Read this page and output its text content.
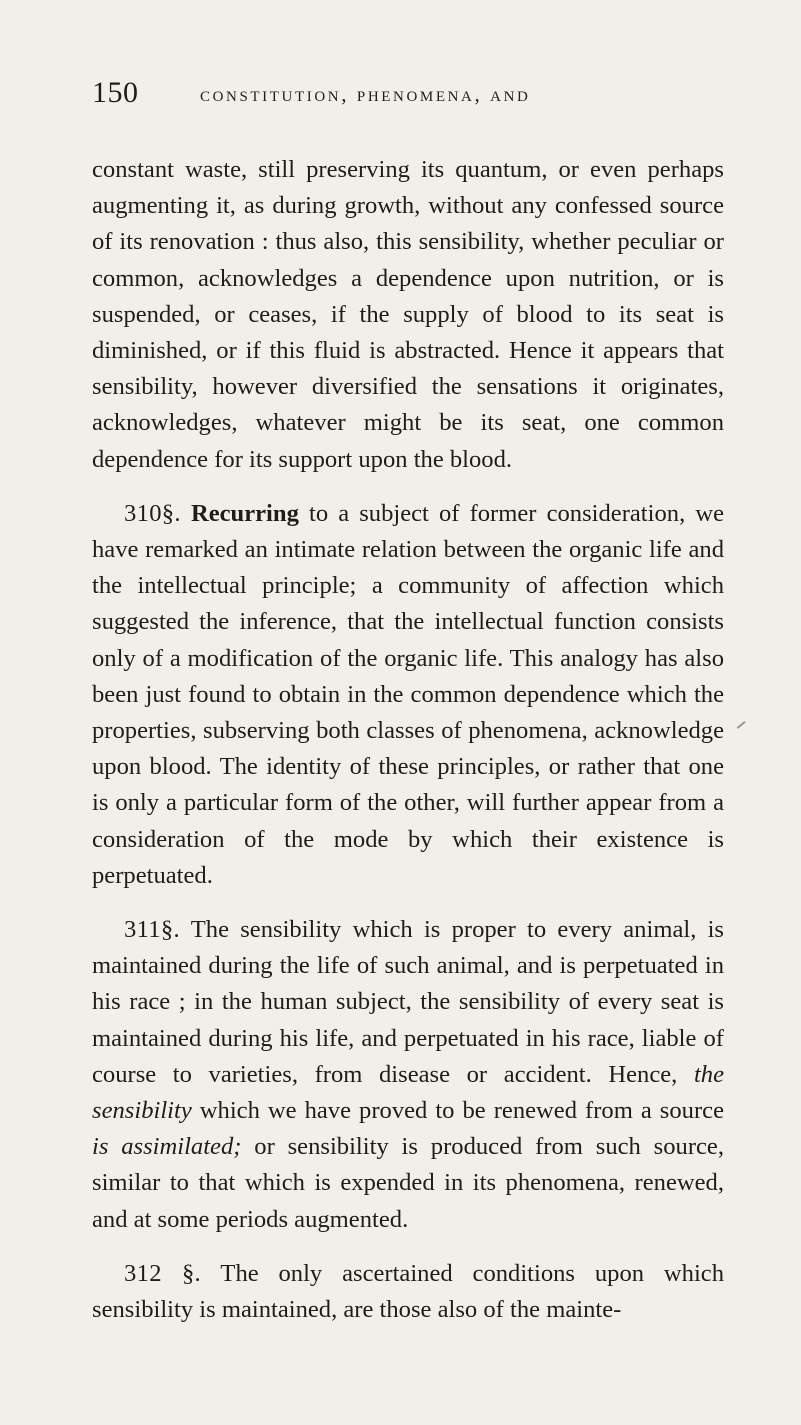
150	constitution, phenomena, and

constant waste, still preserving its quantum, or even perhaps augmenting it, as during growth, without any confessed source of its renovation : thus also, this sensibility, whether peculiar or common, acknowledges a dependence upon nutrition, or is suspended, or ceases, if the supply of blood to its seat is diminished, or if this fluid is abstracted. Hence it appears that sensibility, however diversified the sensations it originates, acknowledges, whatever might be its seat, one common dependence for its support upon the blood.

310§. Recurring to a subject of former consideration, we have remarked an intimate relation between the organic life and the intellectual principle; a community of affection which suggested the inference, that the intellectual function consists only of a modification of the organic life. This analogy has also been just found to obtain in the common dependence which the properties, subserving both classes of phenomena, acknowledge upon blood. The identity of these principles, or rather that one is only a particular form of the other, will further appear from a consideration of the mode by which their existence is perpetuated.

311§. The sensibility which is proper to every animal, is maintained during the life of such animal, and is perpetuated in his race ; in the human subject, the sensibility of every seat is maintained during his life, and perpetuated in his race, liable of course to varieties, from disease or accident. Hence, the sensibility which we have proved to be renewed from a source is assimilated; or sensibility is produced from such source, similar to that which is expended in its phenomena, renewed, and at some periods augmented.

312 §. The only ascertained conditions upon which sensibility is maintained, are those also of the mainte-
